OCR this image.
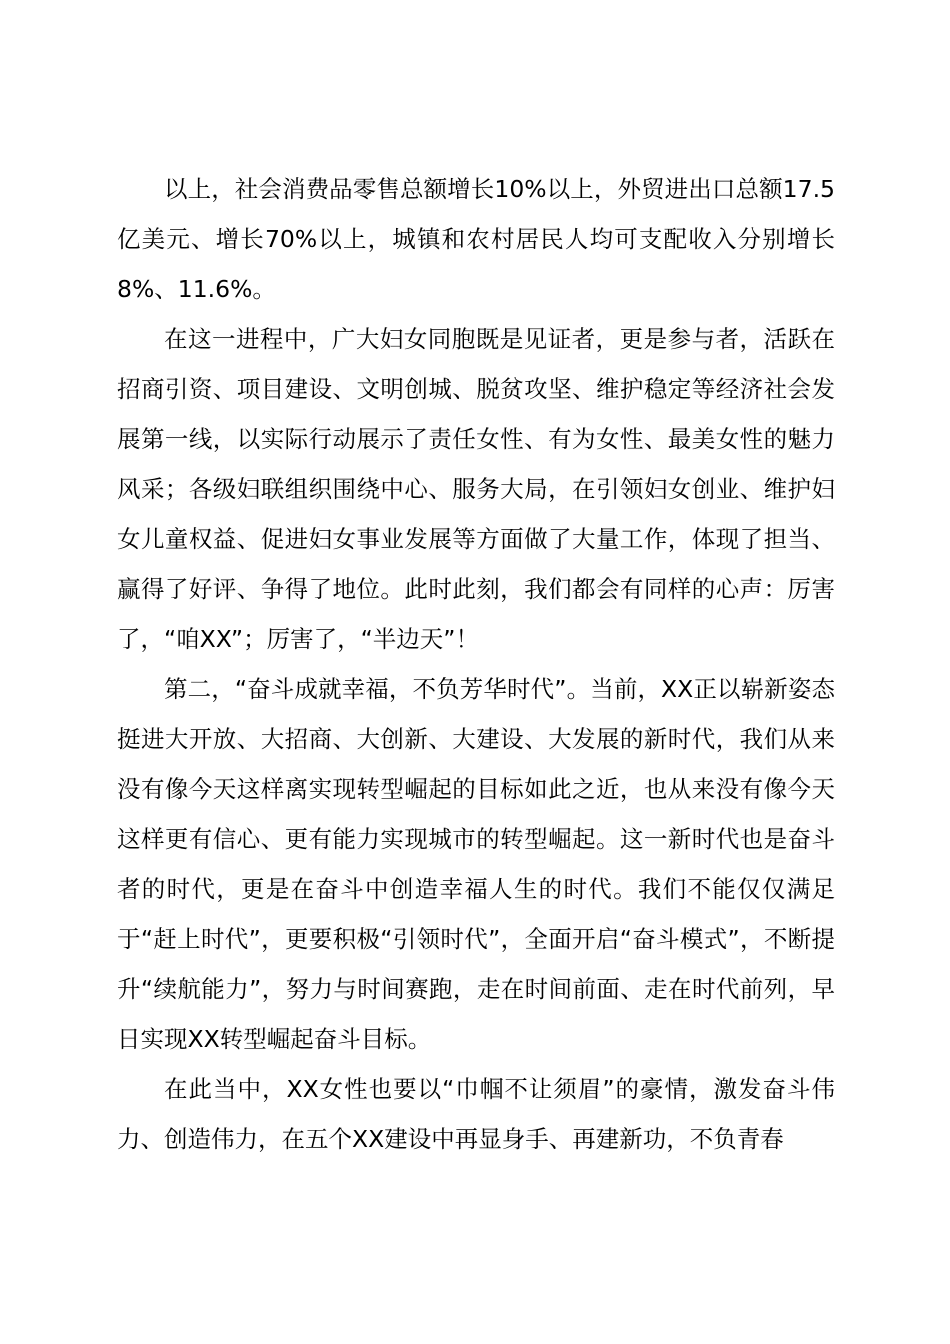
以上，社会消费品零售总额增长10%以上，外贸进出口总额17.5亿美元、增长70%以上，城镇和农村居民人均可支配收入分别增长8%、11.6%。

在这一进程中，广大妇女同胞既是见证者，更是参与者，活跃在招商引资、项目建设、文明创城、脱贫攻坚、维护稳定等经济社会发展第一线，以实际行动展示了责任女性、有为女性、最美女性的魅力风采；各级妇联组织围绕中心、服务大局，在引领妇女创业、维护妇女儿童权益、促进妇女事业发展等方面做了大量工作，体现了担当、赢得了好评、争得了地位。此时此刻，我们都会有同样的心声：厉害了，“咱XX”；厉害了，“半边天”！

第二，“奋斗成就幸福，不负芳华时代”。当前，XX正以崭新姿态挺进大开放、大招商、大创新、大建设、大发展的新时代，我们从来没有像今天这样离实现转型崛起的目标如此之近，也从来没有像今天这样更有信心、更有能力实现城市的转型崛起。这一新时代也是奋斗者的时代，更是在奋斗中创造幸福人生的时代。我们不能仅仅满足于“赶上时代”，更要积极“引领时代”，全面开启“奋斗模式”，不断提升“续航能力”，努力与时间赛跑，走在时间前面、走在时代前列，早日实现XX转型崛起奋斗目标。

在此当中，XX女性也要以“巾帼不让须眉”的豪情，激发奋斗伟力、创造伟力，在五个XX建设中再显身手、再建新功，不负青春
